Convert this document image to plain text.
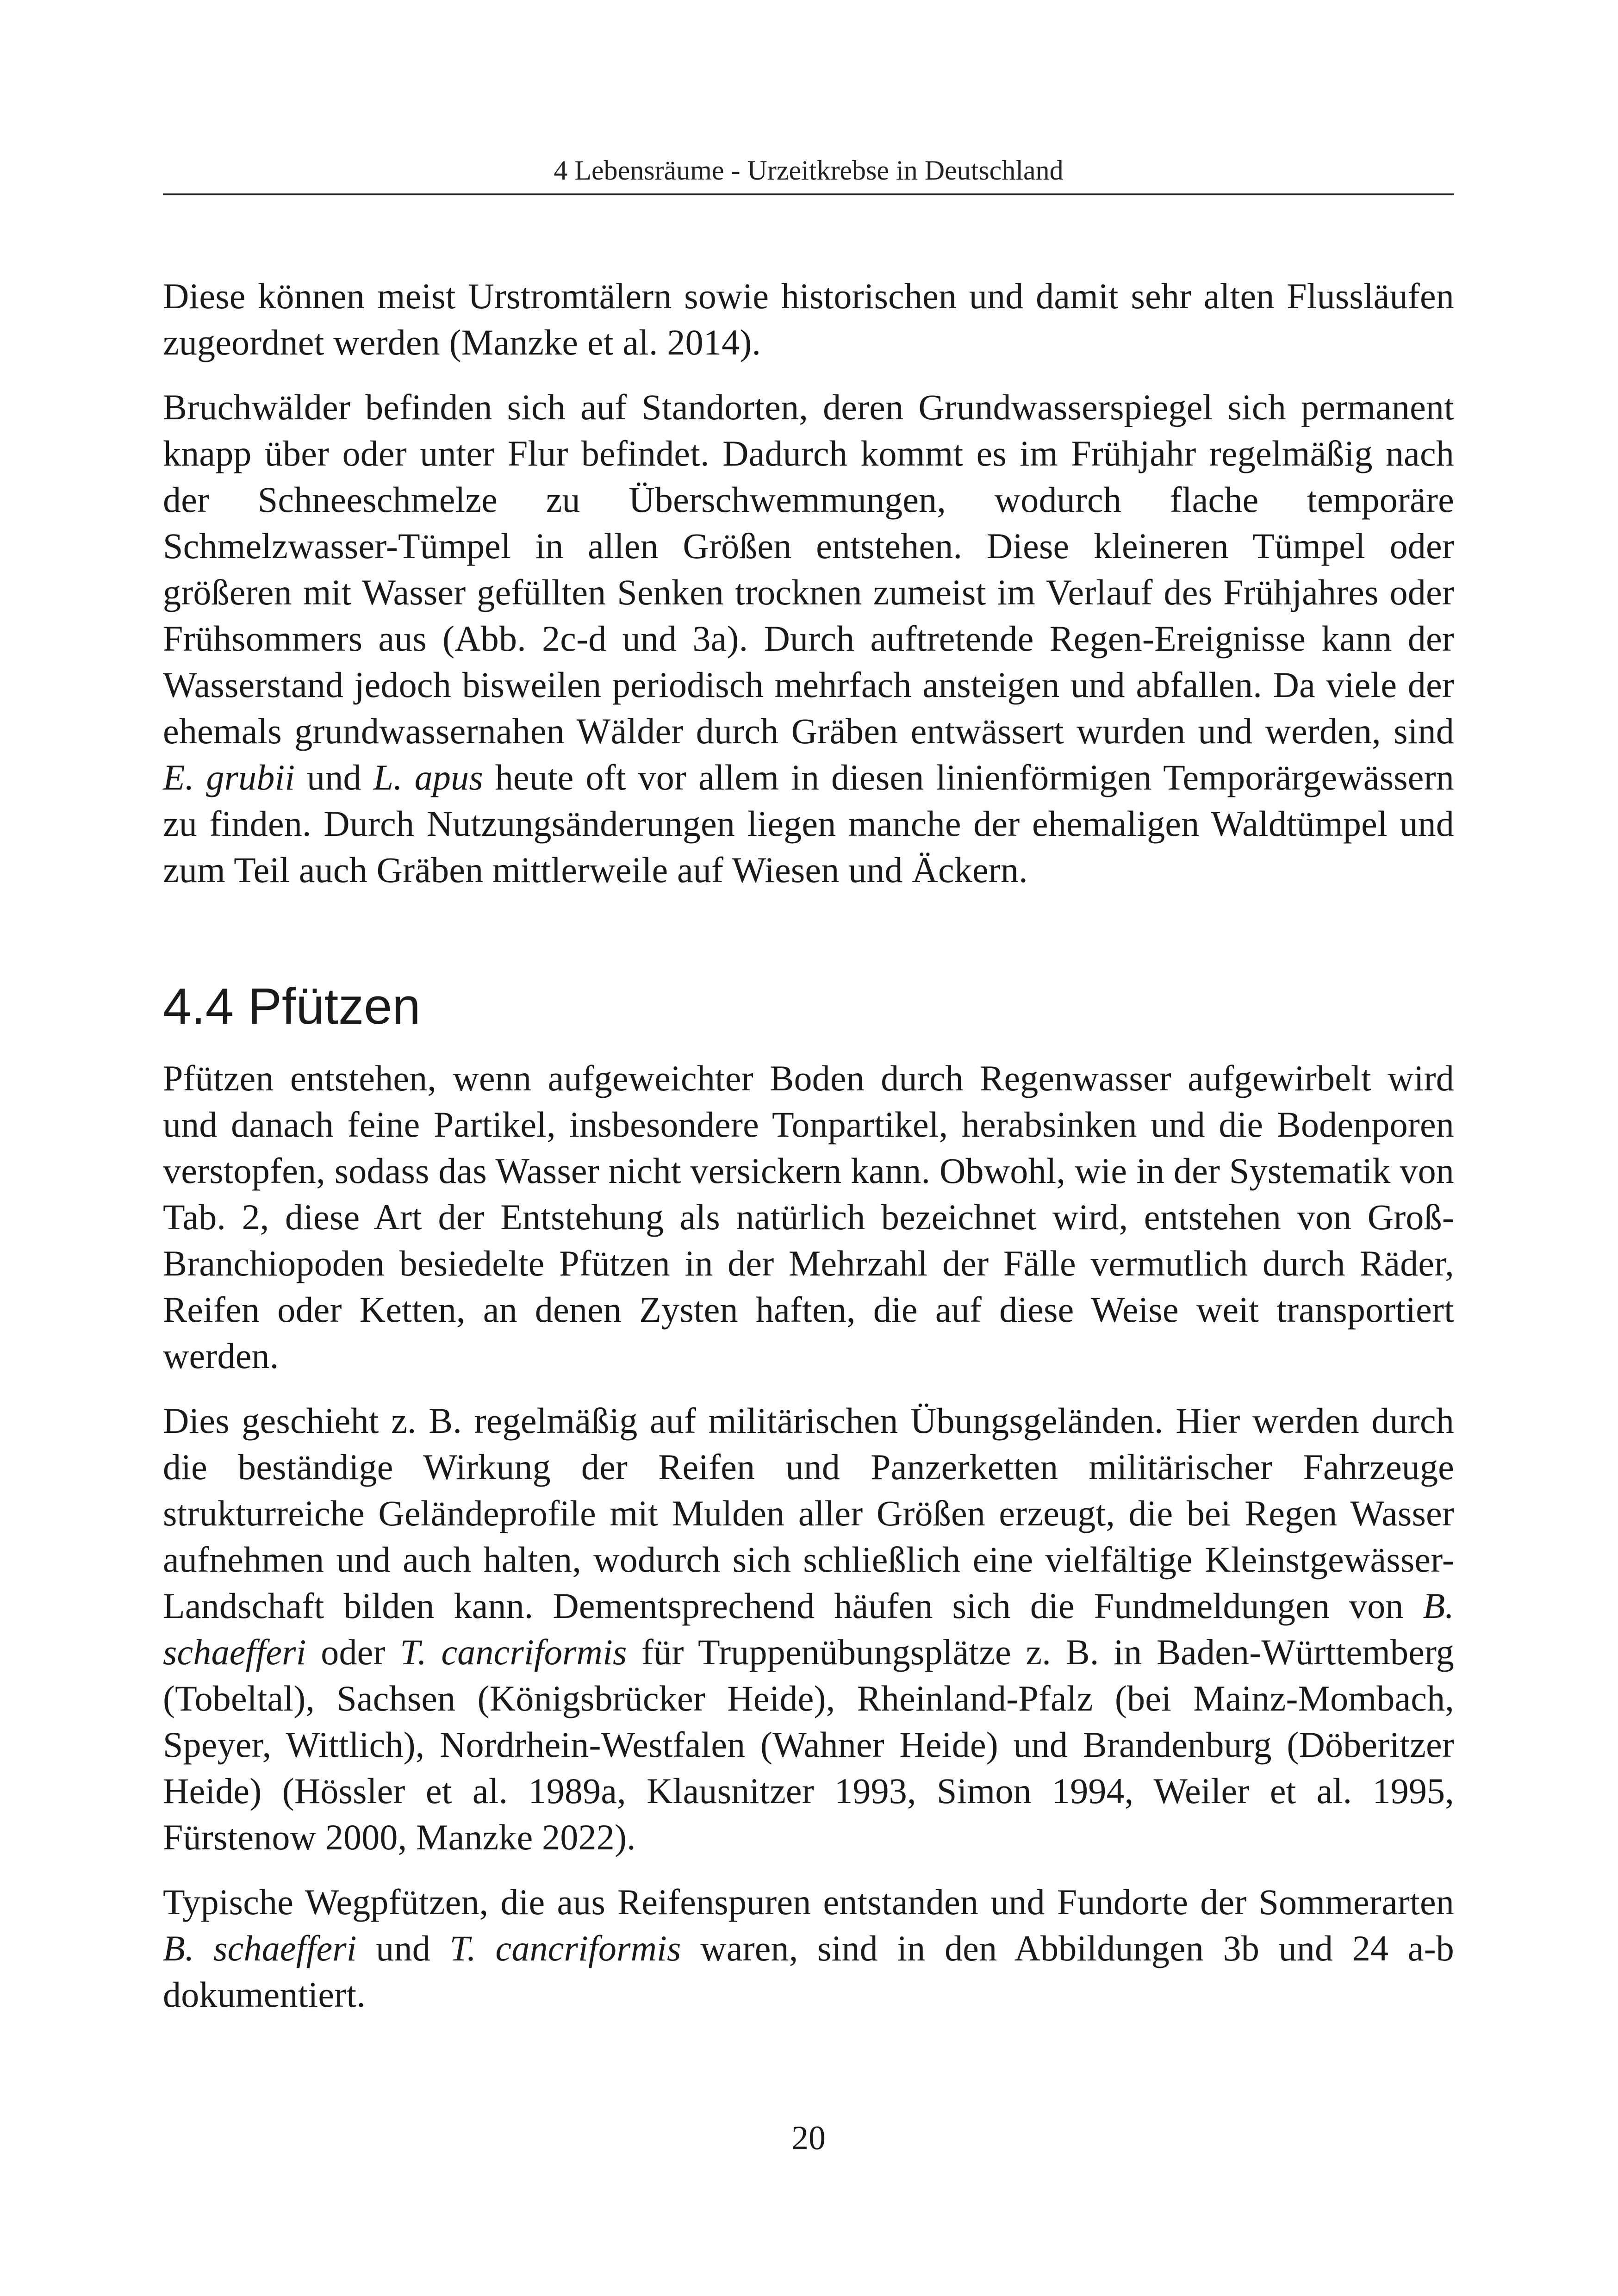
4 Lebensräume - Urzeitkrebse in Deutschland

Diese können meist Urstromtälern sowie historischen und damit sehr alten Flussläufen zugeordnet werden (Manzke et al. 2014).

Bruchwälder befinden sich auf Standorten, deren Grundwasserspiegel sich permanent knapp über oder unter Flur befindet. Dadurch kommt es im Frühjahr regelmäßig nach der Schneeschmelze zu Überschwemmungen, wodurch flache temporäre Schmelzwasser-Tümpel in allen Größen entstehen. Diese kleineren Tümpel oder größeren mit Wasser gefüllten Senken trocknen zumeist im Verlauf des Frühjahres oder Frühsommers aus (Abb. 2c-d und 3a). Durch auftretende Regen-Ereignisse kann der Wasserstand jedoch bisweilen periodisch mehrfach ansteigen und abfallen. Da viele der ehemals grundwassernahen Wälder durch Gräben entwässert wurden und werden, sind E. grubii und L. apus heute oft vor allem in diesen linienförmigen Temporärgewässern zu finden. Durch Nutzungsänderungen liegen manche der ehemaligen Waldtümpel und zum Teil auch Gräben mittlerweile auf Wiesen und Äckern.

4.4 Pfützen

Pfützen entstehen, wenn aufgeweichter Boden durch Regenwasser aufgewirbelt wird und danach feine Partikel, insbesondere Tonpartikel, herabsinken und die Bodenporen verstopfen, sodass das Wasser nicht versickern kann. Obwohl, wie in der Systematik von Tab. 2, diese Art der Entstehung als natürlich bezeichnet wird, entstehen von Groß-Branchiopoden besiedelte Pfützen in der Mehrzahl der Fälle vermutlich durch Räder, Reifen oder Ketten, an denen Zysten haften, die auf diese Weise weit transportiert werden.

Dies geschieht z. B. regelmäßig auf militärischen Übungsgeländen. Hier werden durch die beständige Wirkung der Reifen und Panzerketten militärischer Fahrzeuge strukturreiche Geländeprofile mit Mulden aller Größen erzeugt, die bei Regen Wasser aufnehmen und auch halten, wodurch sich schließlich eine vielfältige Kleinstgewässer-Landschaft bilden kann. Dementsprechend häufen sich die Fundmeldungen von B. schaefferi oder T. cancriformis für Truppenübungsplätze z. B. in Baden-Württemberg (Tobeltal), Sachsen (Königsbrücker Heide), Rheinland-Pfalz (bei Mainz-Mombach, Speyer, Wittlich), Nordrhein-Westfalen (Wahner Heide) und Brandenburg (Döberitzer Heide) (Hössler et al. 1989a, Klausnitzer 1993, Simon 1994, Weiler et al. 1995, Fürstenow 2000, Manzke 2022).

Typische Wegpfützen, die aus Reifenspuren entstanden und Fundorte der Sommerarten B. schaefferi und T. cancriformis waren, sind in den Abbildungen 3b und 24 a-b dokumentiert.

20
